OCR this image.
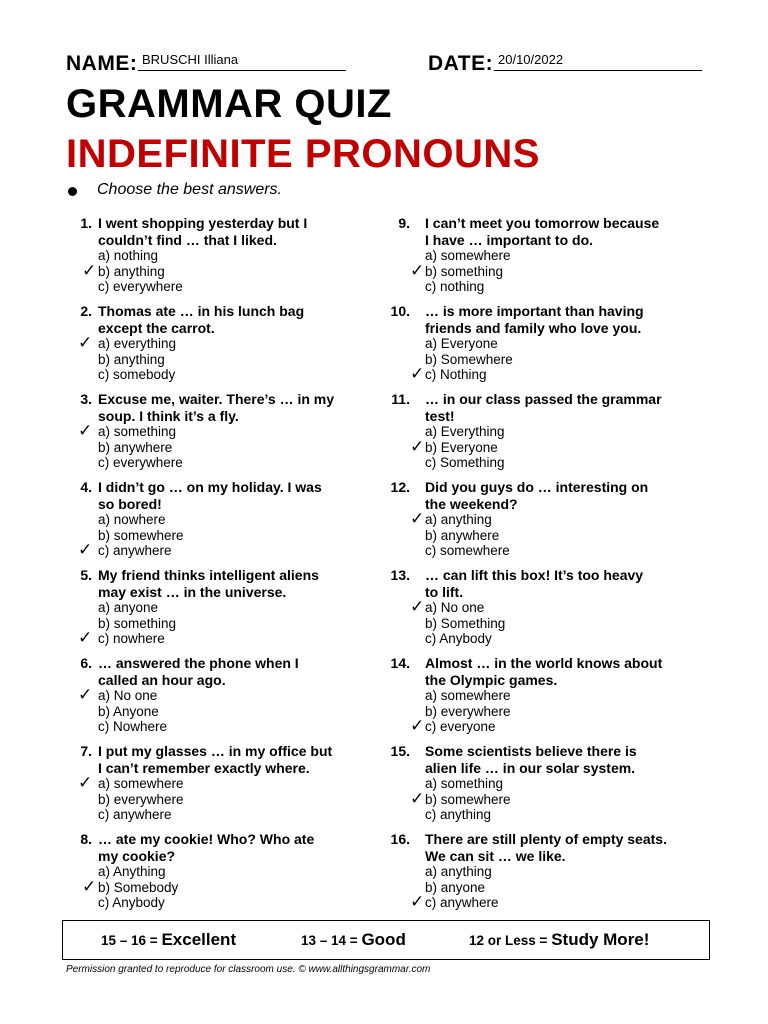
NAME: BRUSCHI Illiana	DATE: 20/10/2022
GRAMMAR QUIZ
INDEFINITE PRONOUNS
Choose the best answers.
1. I went shopping yesterday but I
couldn’t find … that I liked.
a) nothing
b) anything
c) everywhere
✓
2. Thomas ate … in his lunch bag
except the carrot.
a) everything
b) anything
c) somebody
✓
3. Excuse me, waiter. There’s … in my
soup. I think it’s a fly.
a) something
b) anywhere
c) everywhere
✓
4. I didn’t go … on my holiday. I was
so bored!
a) nowhere
b) somewhere
c) anywhere
✓
5. My friend thinks intelligent aliens
may exist … in the universe.
a) anyone
b) something
c) nowhere
✓
6. … answered the phone when I
called an hour ago.
a) No one
b) Anyone
c) Nowhere
✓
7. I put my glasses … in my office but
I can’t remember exactly where.
a) somewhere
b) everywhere
c) anywhere
✓
8. … ate my cookie! Who? Who ate
my cookie?
a) Anything
b) Somebody
c) Anybody
✓
9. I can’t meet you tomorrow because
I have … important to do.
a) somewhere
b) something
c) nothing
✓
10. … is more important than having
friends and family who love you.
a) Everyone
b) Somewhere
c) Nothing
✓
11. … in our class passed the grammar
test!
a) Everything
b) Everyone
c) Something
✓
12. Did you guys do … interesting on
the weekend?
a) anything
b) anywhere
c) somewhere
✓
13. … can lift this box! It’s too heavy
to lift.
a) No one
b) Something
c) Anybody
✓
14. Almost … in the world knows about
the Olympic games.
a) somewhere
b) everywhere
c) everyone
✓
15. Some scientists believe there is
alien life … in our solar system.
a) something
b) somewhere
c) anything
✓
16. There are still plenty of empty seats.
We can sit … we like.
a) anything
b) anyone
c) anywhere
✓
15 – 16 = Excellent	13 – 14 = Good	12 or Less = Study More!
Permission granted to reproduce for classroom use. © www.allthingsgrammar.com
